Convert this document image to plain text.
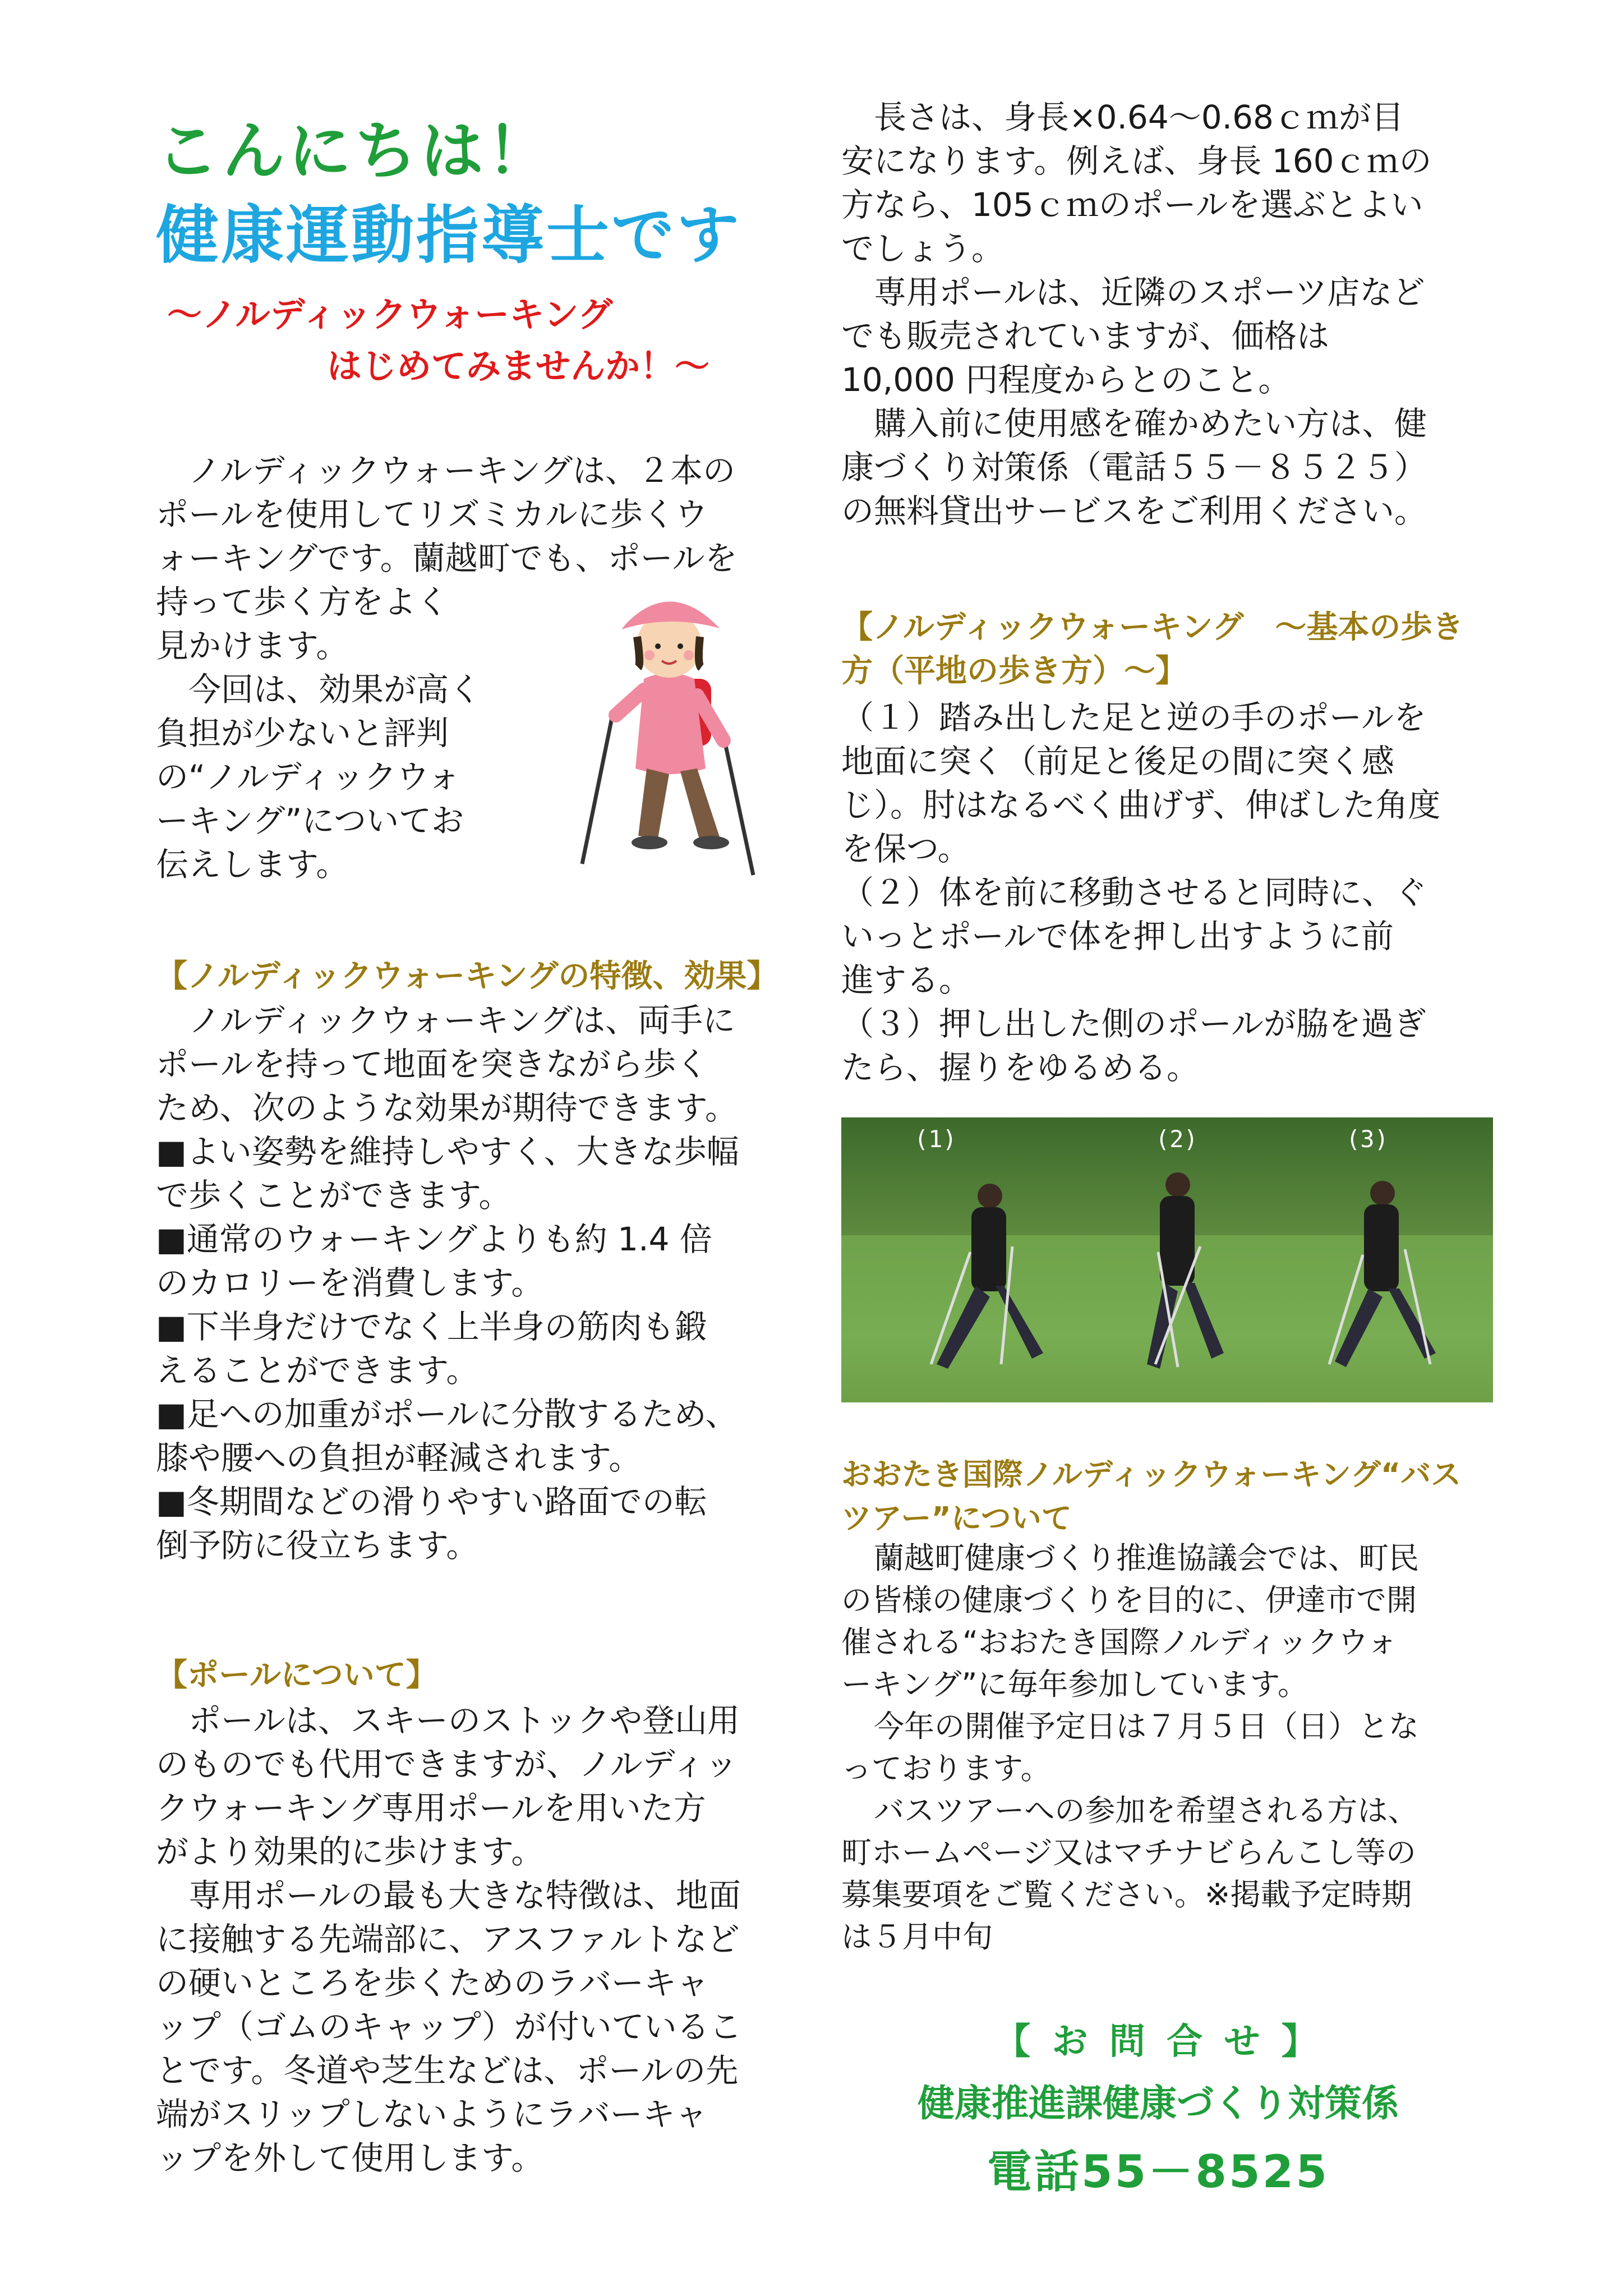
こんにちは！
健康運動指導士です
～ノルディックウォーキング
はじめてみませんか！～
ノルディックウォーキングは、２本の
ポールを使用してリズミカルに歩くウ
ォーキングです。蘭越町でも、ポールを
持って歩く方をよく
見かけます。
今回は、効果が高く
負担が少ないと評判
の“ノルディックウォ
ーキング”についてお
伝えします。
【ノルディックウォーキングの特徴、効果】
ノルディックウォーキングは、両手に
ポールを持って地面を突きながら歩く
ため、次のような効果が期待できます。
■よい姿勢を維持しやすく、大きな歩幅
で歩くことができます。
■通常のウォーキングよりも約 1.4 倍
のカロリーを消費します。
■下半身だけでなく上半身の筋肉も鍛
えることができます。
■足への加重がポールに分散するため、
膝や腰への負担が軽減されます。
■冬期間などの滑りやすい路面での転
倒予防に役立ちます。
【ポールについて】
ポールは、スキーのストックや登山用
のものでも代用できますが、ノルディッ
クウォーキング専用ポールを用いた方
がより効果的に歩けます。
専用ポールの最も大きな特徴は、地面
に接触する先端部に、アスファルトなど
の硬いところを歩くためのラバーキャ
ップ（ゴムのキャップ）が付いているこ
とです。冬道や芝生などは、ポールの先
端がスリップしないようにラバーキャ
ップを外して使用します。
長さは、身長×0.64～0.68ｃｍが目
安になります。例えば、身長 160ｃｍの
方なら、105ｃｍのポールを選ぶとよい
でしょう。
専用ポールは、近隣のスポーツ店など
でも販売されていますが、価格は
10,000 円程度からとのこと。
購入前に使用感を確かめたい方は、健
康づくり対策係（電話５５－８５２５）
の無料貸出サービスをご利用ください。
【ノルディックウォーキング　～基本の歩き
方（平地の歩き方）～】
（１）踏み出した足と逆の手のポールを
地面に突く（前足と後足の間に突く感
じ）。肘はなるべく曲げず、伸ばした角度
を保つ。
（２）体を前に移動させると同時に、ぐ
いっとポールで体を押し出すように前
進する。
（３）押し出した側のポールが脇を過ぎ
たら、握りをゆるめる。
(1)	(2)	(3)
おおたき国際ノルディックウォーキング“バス
ツアー”について
蘭越町健康づくり推進協議会では、町民
の皆様の健康づくりを目的に、伊達市で開
催される“おおたき国際ノルディックウォ
ーキング”に毎年参加しています。
今年の開催予定日は７月５日（日）とな
っております。
バスツアーへの参加を希望される方は、
町ホームページ又はマチナビらんこし等の
募集要項をご覧ください。※掲載予定時期
は５月中旬
【 お 問 合 せ 】
健康推進課健康づくり対策係
電話55－8525
